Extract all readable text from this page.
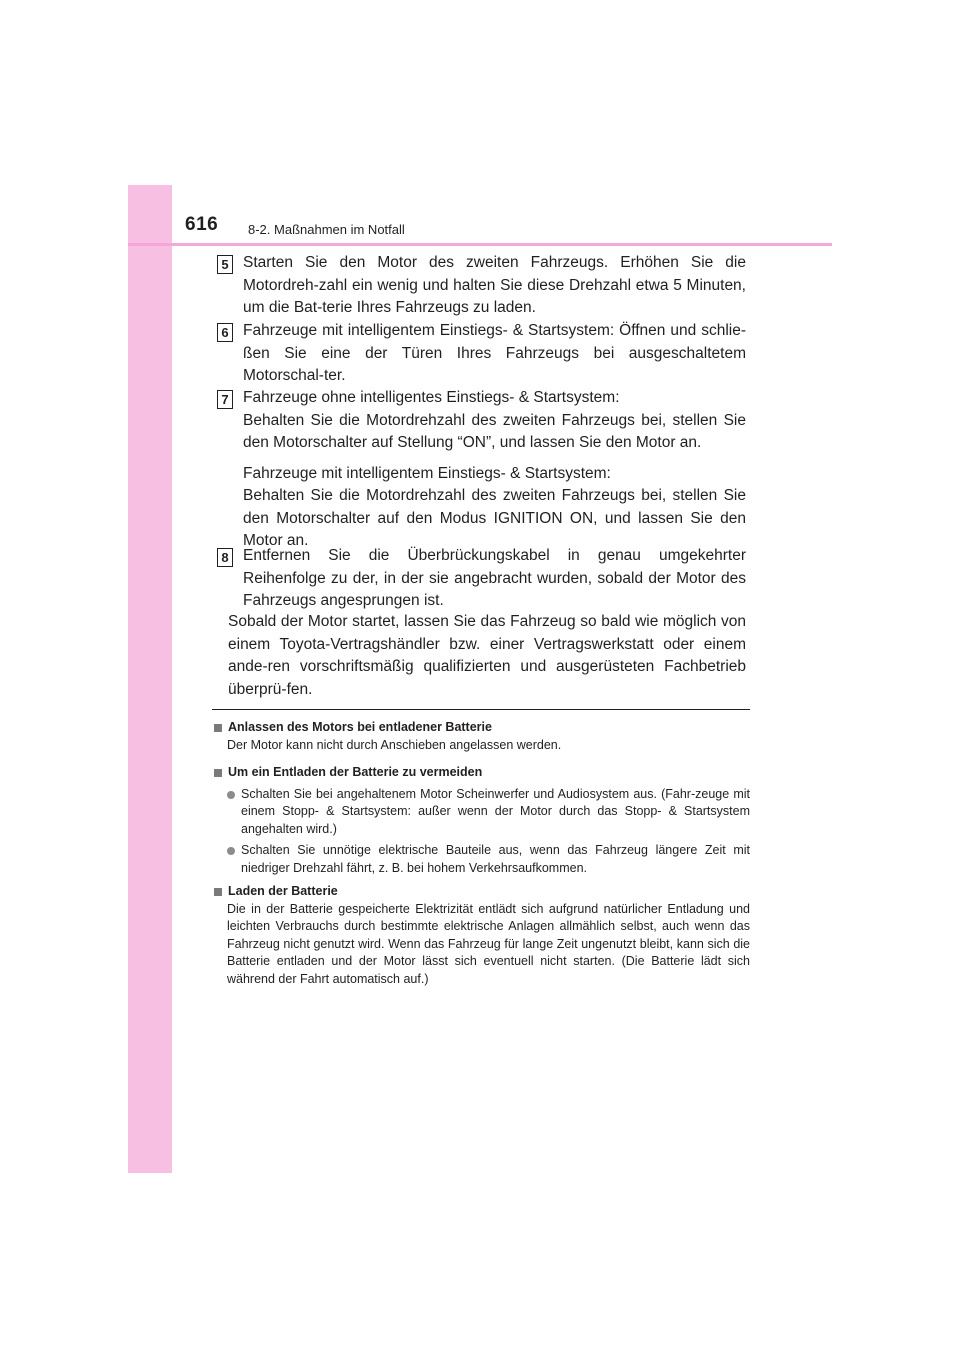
616 8-2. Maßnahmen im Notfall
5 Starten Sie den Motor des zweiten Fahrzeugs. Erhöhen Sie die Motordreh-zahl ein wenig und halten Sie diese Drehzahl etwa 5 Minuten, um die Bat-terie Ihres Fahrzeugs zu laden.

6 Fahrzeuge mit intelligentem Einstiegs- & Startsystem: Öffnen und schlie-ßen Sie eine der Türen Ihres Fahrzeugs bei ausgeschaltetem Motorschal-ter.

7 Fahrzeuge ohne intelligentes Einstiegs- & Startsystem:

Behalten Sie die Motordrehzahl des zweiten Fahrzeugs bei, stellen Sie den Motorschalter auf Stellung “ON”, und lassen Sie den Motor an.

Fahrzeuge mit intelligentem Einstiegs- & Startsystem:

Behalten Sie die Motordrehzahl des zweiten Fahrzeugs bei, stellen Sie den Motorschalter auf den Modus IGNITION ON, und lassen Sie den Motor an.

8 Entfernen Sie die Überbrückungskabel in genau umgekehrter Reihenfolge zu der, in der sie angebracht wurden, sobald der Motor des Fahrzeugs angesprungen ist.

Sobald der Motor startet, lassen Sie das Fahrzeug so bald wie möglich von einem Toyota-Vertragshändler bzw. einer Vertragswerkstatt oder einem ande-ren vorschriftsmäßig qualifizierten und ausgerüsteten Fachbetrieb überprü-fen.
Anlassen des Motors bei entladener Batterie
Der Motor kann nicht durch Anschieben angelassen werden.
Um ein Entladen der Batterie zu vermeiden
Schalten Sie bei angehaltenem Motor Scheinwerfer und Audiosystem aus. (Fahr-zeuge mit einem Stopp- & Startsystem: außer wenn der Motor durch das Stopp- & Startsystem angehalten wird.)
Schalten Sie unnötige elektrische Bauteile aus, wenn das Fahrzeug längere Zeit mit niedriger Drehzahl fährt, z. B. bei hohem Verkehrsaufkommen.
Laden der Batterie
Die in der Batterie gespeicherte Elektrizität entlädt sich aufgrund natürlicher Entladung und leichten Verbrauchs durch bestimmte elektrische Anlagen allmählich selbst, auch wenn das Fahrzeug nicht genutzt wird. Wenn das Fahrzeug für lange Zeit ungenutzt bleibt, kann sich die Batterie entladen und der Motor lässt sich eventuell nicht starten. (Die Batterie lädt sich während der Fahrt automatisch auf.)
